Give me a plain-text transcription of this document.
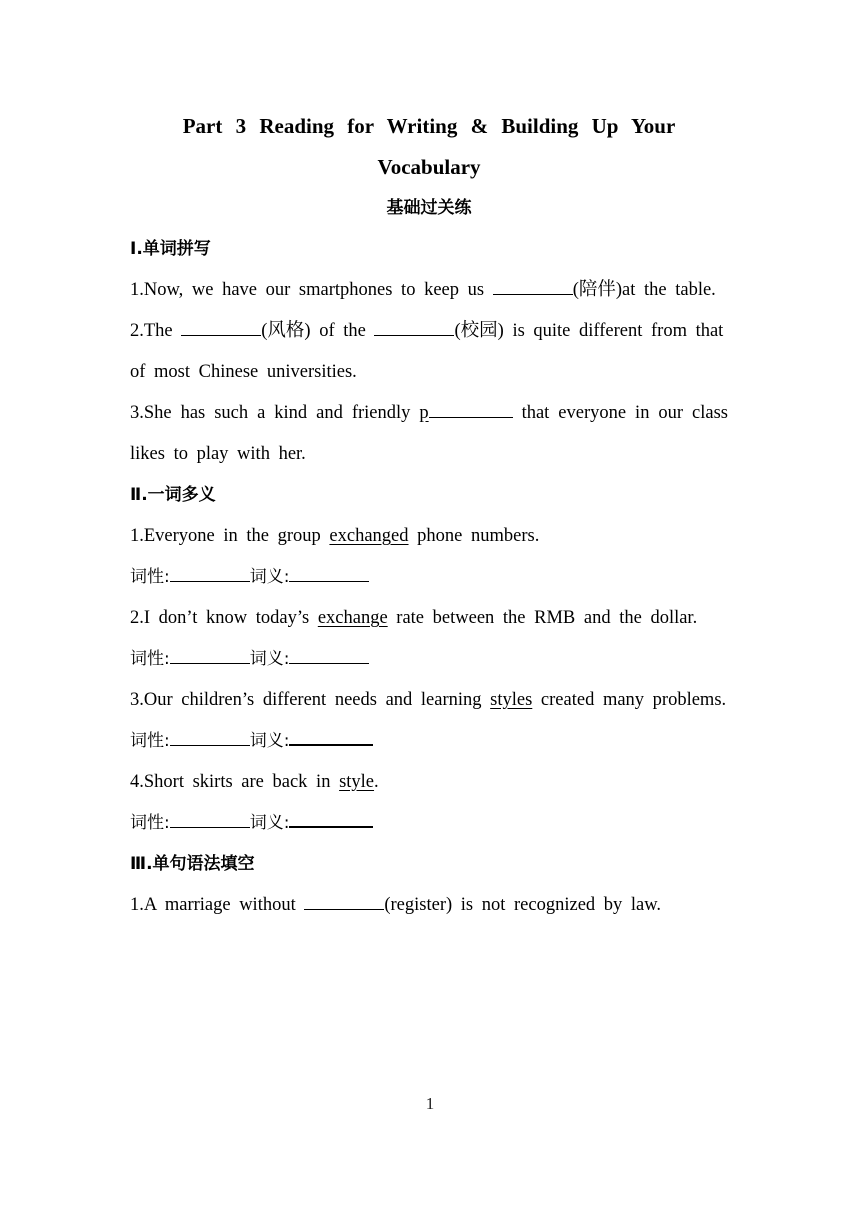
Part 3 Reading for Writing & Building Up Your
Vocabulary
基础过关练
Ⅰ.单词拼写
1.Now, we have our smartphones to keep us	(陪伴)at the table.
2.The	(风格) of the	(校园) is quite different from that of most Chinese universities.
3.She has such a kind and friendly p	that everyone in our class likes to play with her.
Ⅱ.一词多义
1.Everyone in the group exchanged phone numbers.
词性:	词义:
2.I don’t know today’s exchange rate between the RMB and the dollar.
词性:	词义:
3.Our children’s different needs and learning styles created many problems.
词性:	词义:
4.Short skirts are back in style.
词性:	词义:
Ⅲ.单句语法填空
1.A marriage without	(register) is not recognized by law.
1
